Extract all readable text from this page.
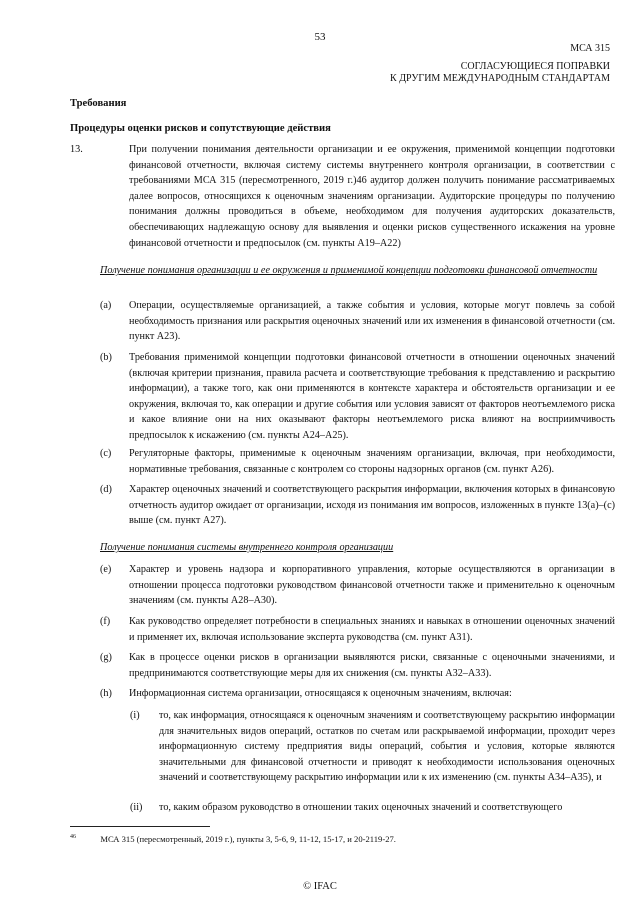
53
МСА 315
СОГЛАСУЮЩИЕСЯ ПОПРАВКИ
К ДРУГИМ МЕЖДУНАРОДНЫМ СТАНДАРТАМ
Требования
Процедуры оценки рисков и сопутствующие действия
13.	При получении понимания деятельности организации и ее окружения, применимой концепции подготовки финансовой отчетности, включая систему системы внутреннего контроля организации, в соответствии с требованиями МСА 315 (пересмотренного, 2019 г.)46 аудитор должен получить понимание рассматриваемых далее вопросов, относящихся к оценочным значениям организации. Аудиторские процедуры по получению понимания должны проводиться в объеме, необходимом для получения аудиторских доказательств, обеспечивающих надлежащую основу для выявления и оценки рисков существенного искажения на уровне финансовой отчетности и предпосылок (см. пункты A19–A22)
Получение понимания организации и ее окружения и применимой концепции подготовки финансовой отчетности
(a) Операции, осуществляемые организацией, а также события и условия, которые могут повлечь за собой необходимость признания или раскрытия оценочных значений или их изменения в финансовой отчетности (см. пункт A23).
(b) Требования применимой концепции подготовки финансовой отчетности в отношении оценочных значений (включая критерии признания, правила расчета и соответствующие требования к представлению и раскрытию информации), а также того, как они применяются в контексте характера и обстоятельств организации и ее окружения, включая то, как операции и другие события или условия зависят от факторов неотъемлемого риска и какое влияние они на них оказывают факторы неотъемлемого риска влияют на восприимчивость предпосылок к искажению (см. пункты A24–A25).
(c) Регуляторные факторы, применимые к оценочным значениям организации, включая, при необходимости, нормативные требования, связанные с контролем со стороны надзорных органов (см. пункт A26).
(d) Характер оценочных значений и соответствующего раскрытия информации, включения которых в финансовую отчетность аудитор ожидает от организации, исходя из понимания им вопросов, изложенных в пункте 13(a)–(c) выше (см. пункт A27).
Получение понимания системы внутреннего контроля организации
(e) Характер и уровень надзора и корпоративного управления, которые осуществляются в организации в отношении процесса подготовки руководством финансовой отчетности также и применительно к оценочным значениям (см. пункты A28–A30).
(f) Как руководство определяет потребности в специальных знаниях и навыках в отношении оценочных значений и применяет их, включая использование эксперта руководства (см. пункт A31).
(g) Как в процессе оценки рисков в организации выявляются риски, связанные с оценочными значениями, и предпринимаются соответствующие меры для их снижения (см. пункты A32–A33).
(h) Информационная система организации, относящаяся к оценочным значениям, включая:
(i) то, как информация, относящаяся к оценочным значениям и соответствующему раскрытию информации для значительных видов операций, остатков по счетам или раскрываемой информации, проходит через информационную систему предприятия виды операций, события и условия, которые являются значительными для финансовой отчетности и приводят к необходимости использования оценочных значений и соответствующему раскрытию информации или к их изменению (см. пункты A34–A35), и
(ii) то, каким образом руководство в отношении таких оценочных значений и соответствующего
$^{46}$	МСА 315 (пересмотренный, 2019 г.), пункты 3, 5-6, 9, 11-12, 15-17, и 20-2119-27.
© IFAC
